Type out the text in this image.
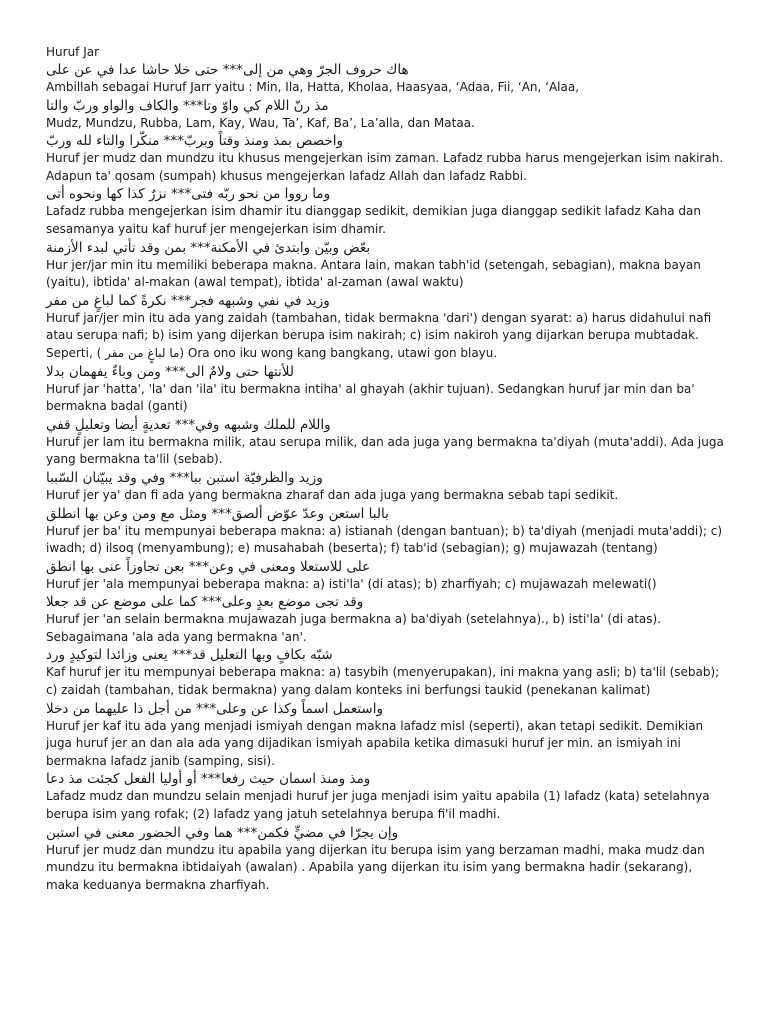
Huruf Jar

هاك حروف الجرّ وهي من إلى*** حتى خلا حاشا عدا في عن على

Ambillah sebagai Huruf Jarr yaitu : Min, Ila, Hatta, Kholaa, Haasyaa, ‘Adaa, Fii, ‘An, ‘Alaa,

مذ رنّ اللام كي واوّ وتا*** والكاف والواو وربّ والتا

Mudz, Mundzu, Rubba, Lam, Kay, Wau, Ta’, Kaf, Ba’, La’alla, dan Mataa.

واخصص بمذ ومنذ وقتاً وبربّ*** منكّرا والتاء لله وربّ

Huruf jer mudz dan mundzu itu khusus mengejerkan isim zaman. Lafadz rubba harus mengejerkan isim nakirah. Adapun ta' qosam (sumpah) khusus mengejerkan lafadz Allah dan lafadz Rabbi.

وما رووا من نحو ربّه فتى*** نزرٌ كذا كها ونحوه أتى

Lafadz rubba mengejerkan isim dhamir itu dianggap sedikit, demikian juga dianggap sedikit lafadz Kaha dan sesamanya yaitu kaf huruf jer mengejerkan isim dhamir.

بعّض وبيّن وابتدئ في الأمكنة*** بمن وقد تأتي لبدء الأزمنة

Hur jer/jar min itu memiliki beberapa makna. Antara lain, makan tabh'id (setengah, sebagian), makna bayan (yaitu), ibtida' al-makan (awal tempat), ibtida' al-zaman (awal waktu)

وزيد في نفي وشبهه فجر*** نكرةً كما لباغٍ من مفر

Huruf jar/jer min itu ada yang zaidah (tambahan, tidak bermakna 'dari') dengan syarat: a) harus didahului nafi atau serupa nafi; b) isim yang dijerkan berupa isim nakirah; c) isim nakiroh yang dijarkan berupa mubtadak. Seperti, ( ما لباغٍ من مفر) Ora ono iku wong kang bangkang, utawi gon blayu.

للأنتها حتى ولامٌ الى*** ومن وباءٌ يفهمان بدلا

Huruf jar 'hatta', 'la' dan 'ila' itu bermakna intiha' al ghayah (akhir tujuan). Sedangkan huruf jar min dan ba' bermakna badal (ganti)

واللام للملك وشبهه وفي*** تعديةٍ أيضا وتعليلٍ قفي

Huruf jer lam itu bermakna milik, atau serupa milik, dan ada juga yang bermakna ta'diyah (muta'addi). Ada juga yang bermakna ta'lil (sebab).

وزيد والظرفيّة استبن ببا*** وفي وقد يبيّنان السّببا

Huruf jer ya' dan fi ada yang bermakna zharaf dan ada juga yang bermakna sebab tapi sedikit.

بالبا استعن وعدّ عوّض ألصق*** ومثل مع ومن وعن بها انطلق

Huruf jer ba' itu mempunyai beberapa makna: a) istianah (dengan bantuan); b) ta'diyah (menjadi muta'addi); c) iwadh; d) ilsoq (menyambung); e) musahabah (beserta); f) tab'id (sebagian); g) mujawazah (tentang)

على للاستعلا ومعنى في وعن*** بعن تجاوزاً عنى بها انطق

Huruf jer 'ala mempunyai beberapa makna: a) isti'la' (di atas); b) zharfiyah; c) mujawazah melewati()

وقد تجى موضع بعدٍ وعلى*** كما على موضع عن قد جعلا

Huruf jer 'an selain bermakna mujawazah juga bermakna a) ba'diyah (setelahnya)., b) isti'la' (di atas). Sebagaimana 'ala ada yang bermakna 'an'.

شبّه بكافٍ وبها التعليل قد*** يعنى وزائدا لتوكيدٍ ورد

Kaf huruf jer itu mempunyai beberapa makna: a) tasybih (menyerupakan), ini makna yang asli; b) ta'lil (sebab); c) zaidah (tambahan, tidak bermakna) yang dalam konteks ini berfungsi taukid (penekanan kalimat)

واستعمل اسماً وكذا عن وعلى*** من أجل ذا عليهما من دخلا

Huruf jer kaf itu ada yang menjadi ismiyah dengan makna lafadz misl (seperti), akan tetapi sedikit. Demikian juga huruf jer an dan ala ada yang dijadikan ismiyah apabila ketika dimasuki huruf jer min. an ismiyah ini bermakna lafadz janib (samping, sisi).

ومذ ومنذ اسمان حيث رفعا*** أو أوليا الفعل كجئت مذ دعا

Lafadz mudz dan mundzu selain menjadi huruf jer juga menjadi isim yaitu apabila (1) lafadz (kata) setelahnya berupa isim yang rofak; (2) lafadz yang jatuh setelahnya berupa fi'il madhi.

وإن يجرّا في مضيٍّ فكمن*** هما وفي الحضور معنى في استبن

Huruf jer mudz dan mundzu itu apabila yang dijerkan itu berupa isim yang berzaman madhi, maka mudz dan mundzu itu bermakna ibtidaiyah (awalan) . Apabila yang dijerkan itu isim yang bermakna hadir (sekarang), maka keduanya bermakna zharfiyah.
